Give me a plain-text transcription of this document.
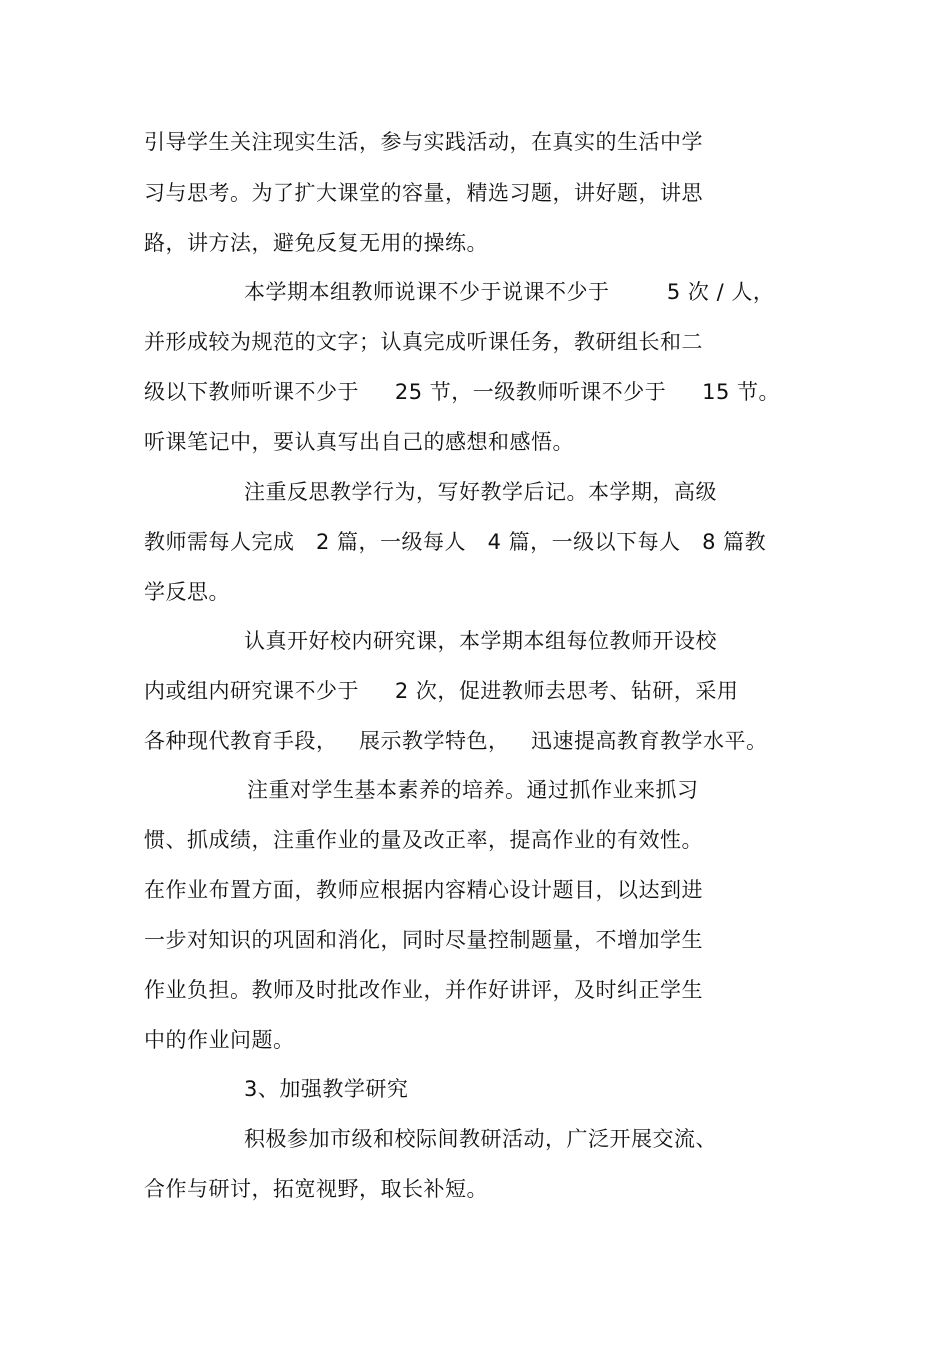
引导学生关注现实生活，参与实践活动，在真实的生活中学
习与思考。为了扩大课堂的容量，精选习题，讲好题，讲思
路，讲方法，避免反复无用的操练。
本学期本组教师说课不少于说课不少于        5 次 / 人，
并形成较为规范的文字；认真完成听课任务，教研组长和二
级以下教师听课不少于     25 节，一级教师听课不少于     15 节。
听课笔记中，要认真写出自己的感想和感悟。
注重反思教学行为，写好教学后记。本学期，高级
教师需每人完成   2 篇，一级每人   4 篇，一级以下每人   8 篇教
学反思。
认真开好校内研究课，本学期本组每位教师开设校
内或组内研究课不少于     2 次，促进教师去思考、钻研，采用
各种现代教育手段，   展示教学特色，   迅速提高教育教学水平。
注重对学生基本素养的培养。通过抓作业来抓习
惯、抓成绩，注重作业的量及改正率，提高作业的有效性。
在作业布置方面，教师应根据内容精心设计题目，以达到进
一步对知识的巩固和消化，同时尽量控制题量，不增加学生
作业负担。教师及时批改作业，并作好讲评，及时纠正学生
中的作业问题。
3、加强教学研究
积极参加市级和校际间教研活动，广泛开展交流、
合作与研讨，拓宽视野，取长补短。
